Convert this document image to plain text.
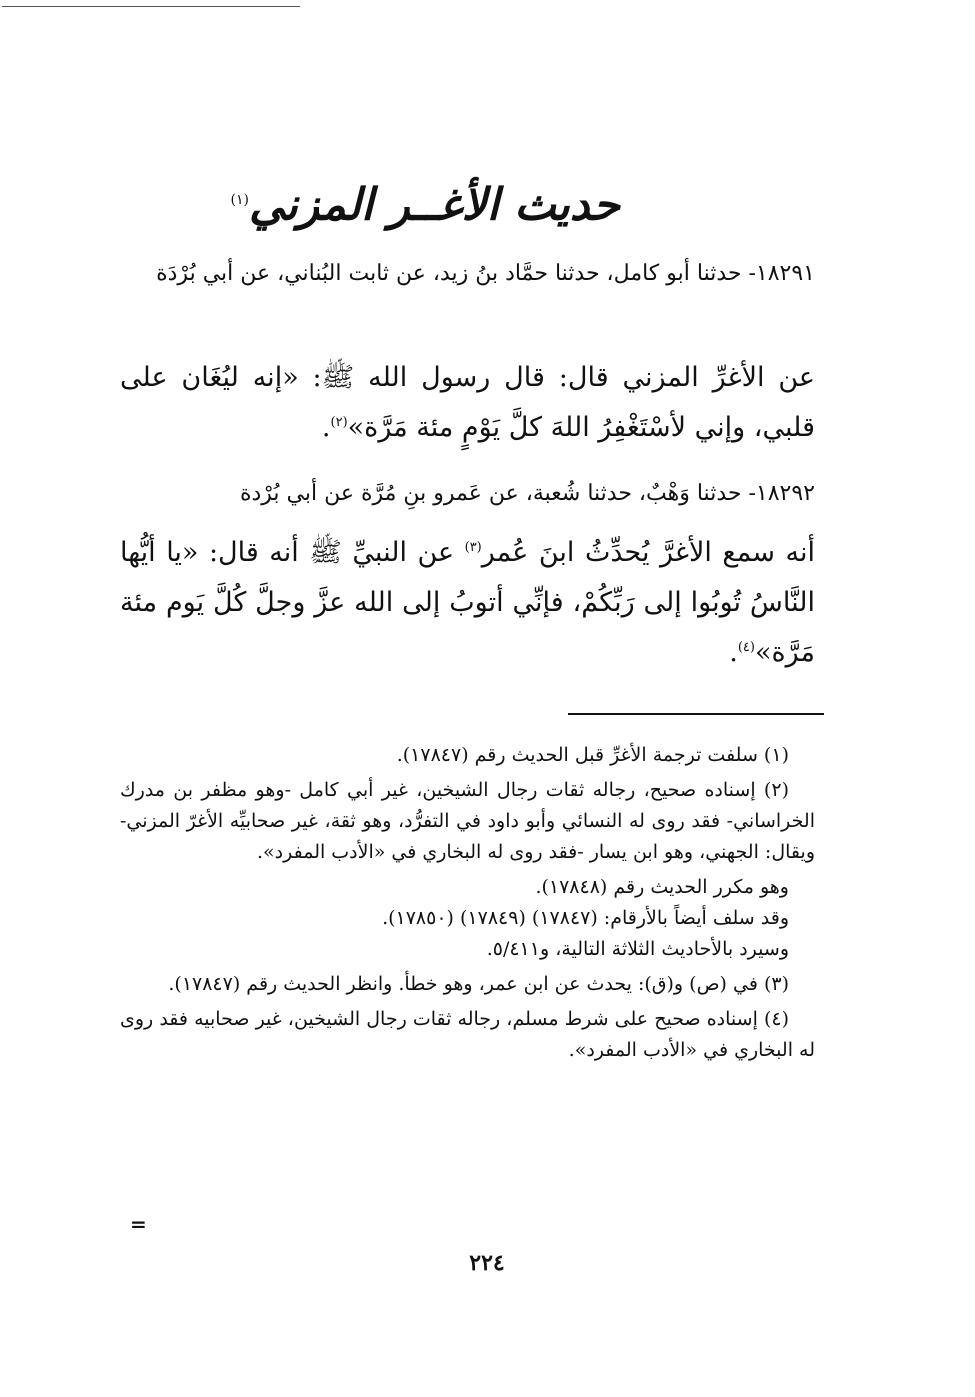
حديث الأغــر المزني$^{(١)}$
١٨٢٩١- حدثنا أبو كامل، حدثنا حمَّاد بنُ زيد، عن ثابت البُناني، عن أبي بُرْدَة
عن الأغرِّ المزني قال: قال رسول الله ﷺ: «إنه ليُغَان على قلبي، وإني لأسْتَغْفِرُ اللهَ كلَّ يَوْمٍ مئة مَرَّة»$^{(٢)}$.
١٨٢٩٢- حدثنا وَهْبٌ، حدثنا شُعبة، عن عَمرو بنِ مُرَّة عن أبي بُرْدة
أنه سمع الأغرَّ يُحدِّثُ ابنَ عُمر$^{(٣)}$ عن النبيِّ ﷺ أنه قال: «يا أيُّها النَّاسُ تُوبُوا إلى رَبِّكُمْ، فإنِّي أتوبُ إلى الله عزَّ وجلَّ كُلَّ يَوم مئة مَرَّة»$^{(٤)}$.

(١) سلفت ترجمة الأغرِّ قبل الحديث رقم (١٧٨٤٧).

(٢) إسناده صحيح، رجاله ثقات رجال الشيخين، غير أبي كامل -وهو مظفر بن مدرك الخراساني- فقد روى له النسائي وأبو داود في التفرُّد، وهو ثقة، غير صحابيِّه الأغرّ المزني- ويقال: الجهني، وهو ابن يسار -فقد روى له البخاري في «الأدب المفرد».

وهو مكرر الحديث رقم (١٧٨٤٨).

وقد سلف أيضاً بالأرقام: (١٧٨٤٧) (١٧٨٤٩) (١٧٨٥٠).

وسيرد بالأحاديث الثلاثة التالية، و٥/٤١١.

(٣) في (ص) و(ق): يحدث عن ابن عمر، وهو خطأ. وانظر الحديث رقم (١٧٨٤٧).

(٤) إسناده صحيح على شرط مسلم، رجاله ثقات رجال الشيخين، غير صحابيه فقد روى له البخاري في «الأدب المفرد».

=
٢٢٤
